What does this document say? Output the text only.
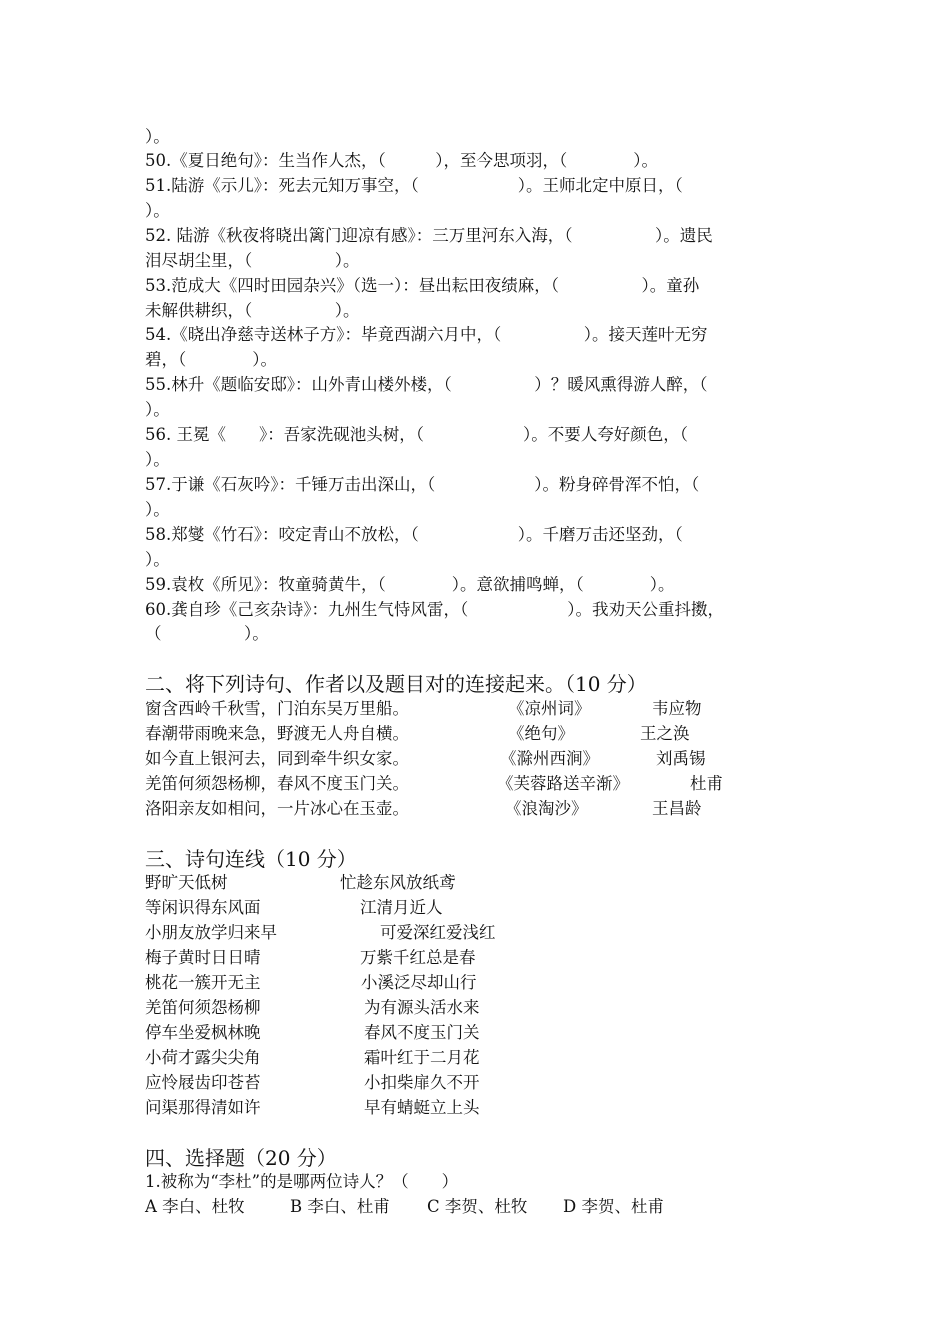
）。
50.《夏日绝句》：生当作人杰，（　　　），至今思项羽，（　　　　）。
51.陆游《示儿》：死去元知万事空，（　　　　　　）。王师北定中原日，（
）。
52. 陆游《秋夜将晓出篱门迎凉有感》：三万里河东入海，（　　　　　）。遗民
泪尽胡尘里，（　　　　　）。
53.范成大《四时田园杂兴》（选一）：昼出耘田夜绩麻，（　　　　　）。童孙
未解供耕织，（　　　　　）。
54.《晓出净慈寺送林子方》：毕竟西湖六月中，（　　　　　）。接天莲叶无穷
碧，（　　　　）。
55.林升《题临安邸》：山外青山楼外楼，（　　　　　）？暖风熏得游人醉，（
）。
56. 王冕《　　》：吾家洗砚池头树，（　　　　　　）。不要人夸好颜色，（
）。
57.于谦《石灰吟》：千锤万击出深山，（　　　　　　）。粉身碎骨浑不怕，（
）。
58.郑燮《竹石》：咬定青山不放松，（　　　　　　）。千磨万击还坚劲，（
）。
59.袁枚《所见》：牧童骑黄牛，（　　　　）。意欲捕鸣蝉，（　　　　）。
60.龚自珍《己亥杂诗》：九州生气恃风雷，（　　　　　　）。我劝天公重抖擞，
（　　　　　）。
二、将下列诗句、作者以及题目对的连接起来。（10 分）
窗含西岭千秋雪，门泊东吴万里船。	《凉州词》	韦应物
春潮带雨晚来急，野渡无人舟自横。	《绝句》	王之涣
如今直上银河去，同到牵牛织女家。	《滁州西涧》	刘禹锡
羌笛何须怨杨柳，春风不度玉门关。	《芙蓉路送辛渐》	杜甫
洛阳亲友如相问，一片冰心在玉壶。	《浪淘沙》	王昌龄
三、诗句连线（10 分）
野旷天低树	忙趁东风放纸鸢
等闲识得东风面	江清月近人
小朋友放学归来早	可爱深红爱浅红
梅子黄时日日晴	万紫千红总是春
桃花一簇开无主	小溪泛尽却山行
羌笛何须怨杨柳	为有源头活水来
停车坐爱枫林晚	春风不度玉门关
小荷才露尖尖角	霜叶红于二月花
应怜屐齿印苍苔	小扣柴扉久不开
问渠那得清如许	早有蜻蜓立上头
四、选择题（20 分）
1.被称为“李杜”的是哪两位诗人？（　　）
A 李白、杜牧	B 李白、杜甫 C 李贺、杜牧 D 李贺、杜甫
